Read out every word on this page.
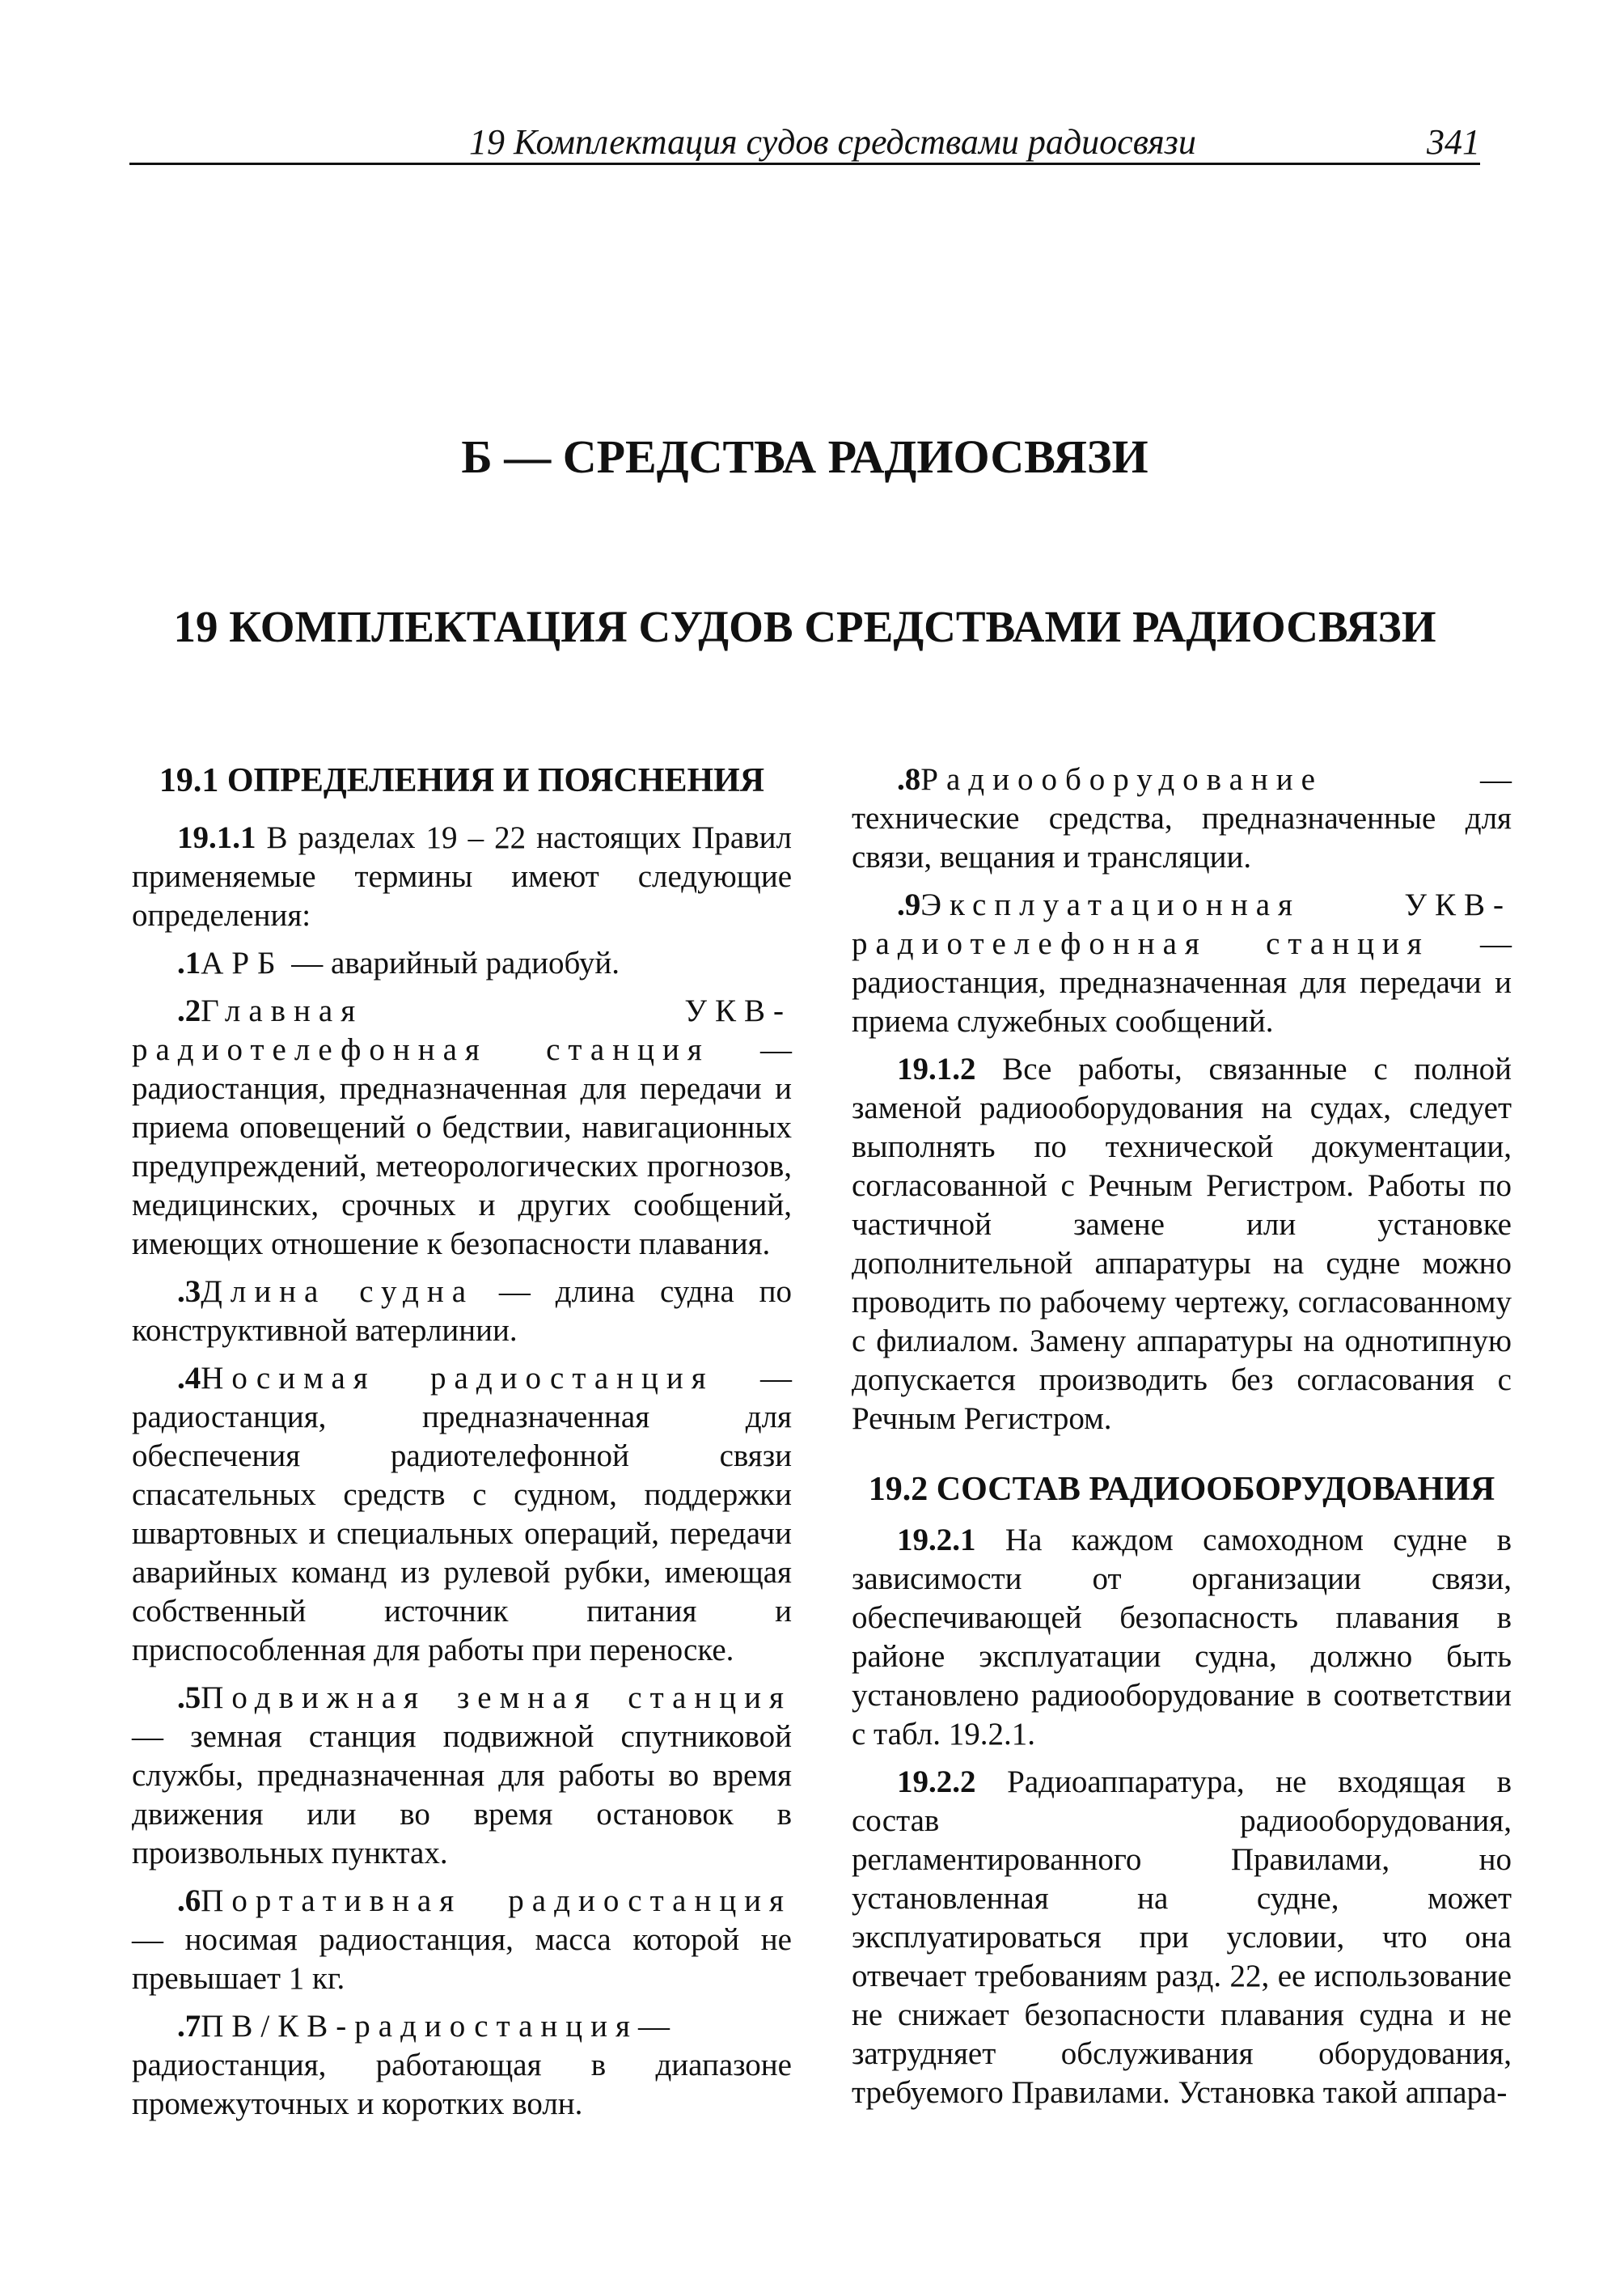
19 Комплектация судов средствами радиосвязи	341
Б — СРЕДСТВА РАДИОСВЯЗИ
19 КОМПЛЕКТАЦИЯ СУДОВ СРЕДСТВАМИ РАДИОСВЯЗИ
19.1 ОПРЕДЕЛЕНИЯ И ПОЯСНЕНИЯ

19.1.1 В разделах 19 – 22 настоящих Правил применяемые термины имеют следующие определения:

.1АРБ — аварийный радиобуй.

.2Главная УКВ-радиотелефонная станция — радиостанция, предназначенная для передачи и приема оповещений о бедствии, навигационных предупреждений, метеорологических прогнозов, медицинских, срочных и других сообщений, имеющих отношение к безопасности плавания.

.3Длина судна — длина судна по конструктивной ватерлинии.

.4Носимая радиостанция — радиостанция, предназначенная для обеспечения радиотелефонной связи спасательных средств с судном, поддержки швартовных и специальных операций, передачи аварийных команд из рулевой рубки, имеющая собственный источник питания и приспособленная для работы при переноске.

.5Подвижная земная станция — земная станция подвижной спутниковой службы, предназначенная для работы во время движения или во время остановок в произвольных пунктах.

.6Портативная радиостанция — носимая радиостанция, масса которой не превышает 1 кг.

.7ПВ/КВ-радиостанция— радиостанция, работающая в диапазоне промежуточных и коротких волн.

.8Радиооборудование — технические средства, предназначенные для связи, вещания и трансляции.

.9Эксплуатационная УКВ-радиотелефонная станция — радиостанция, предназначенная для передачи и приема служебных сообщений.

19.1.2 Все работы, связанные с полной заменой радиооборудования на судах, следует выполнять по технической документации, согласованной с Речным Регистром. Работы по частичной замене или установке дополнительной аппаратуры на судне можно проводить по рабочему чертежу, согласованному с филиалом. Замену аппаратуры на однотипную допускается производить без согласования с Речным Регистром.

19.2 СОСТАВ РАДИООБОРУДОВАНИЯ

19.2.1 На каждом самоходном судне в зависимости от организации связи, обеспечивающей безопасность плавания в районе эксплуатации судна, должно быть установлено радиооборудование в соответствии с табл. 19.2.1.

19.2.2 Радиоаппаратура, не входящая в состав радиооборудования, регламентированного Правилами, но установленная на судне, может эксплуатироваться при условии, что она отвечает требованиям разд. 22, ее использование не снижает безопасности плавания судна и не затрудняет обслуживания оборудования, требуемого Правилами. Установка такой аппара-
